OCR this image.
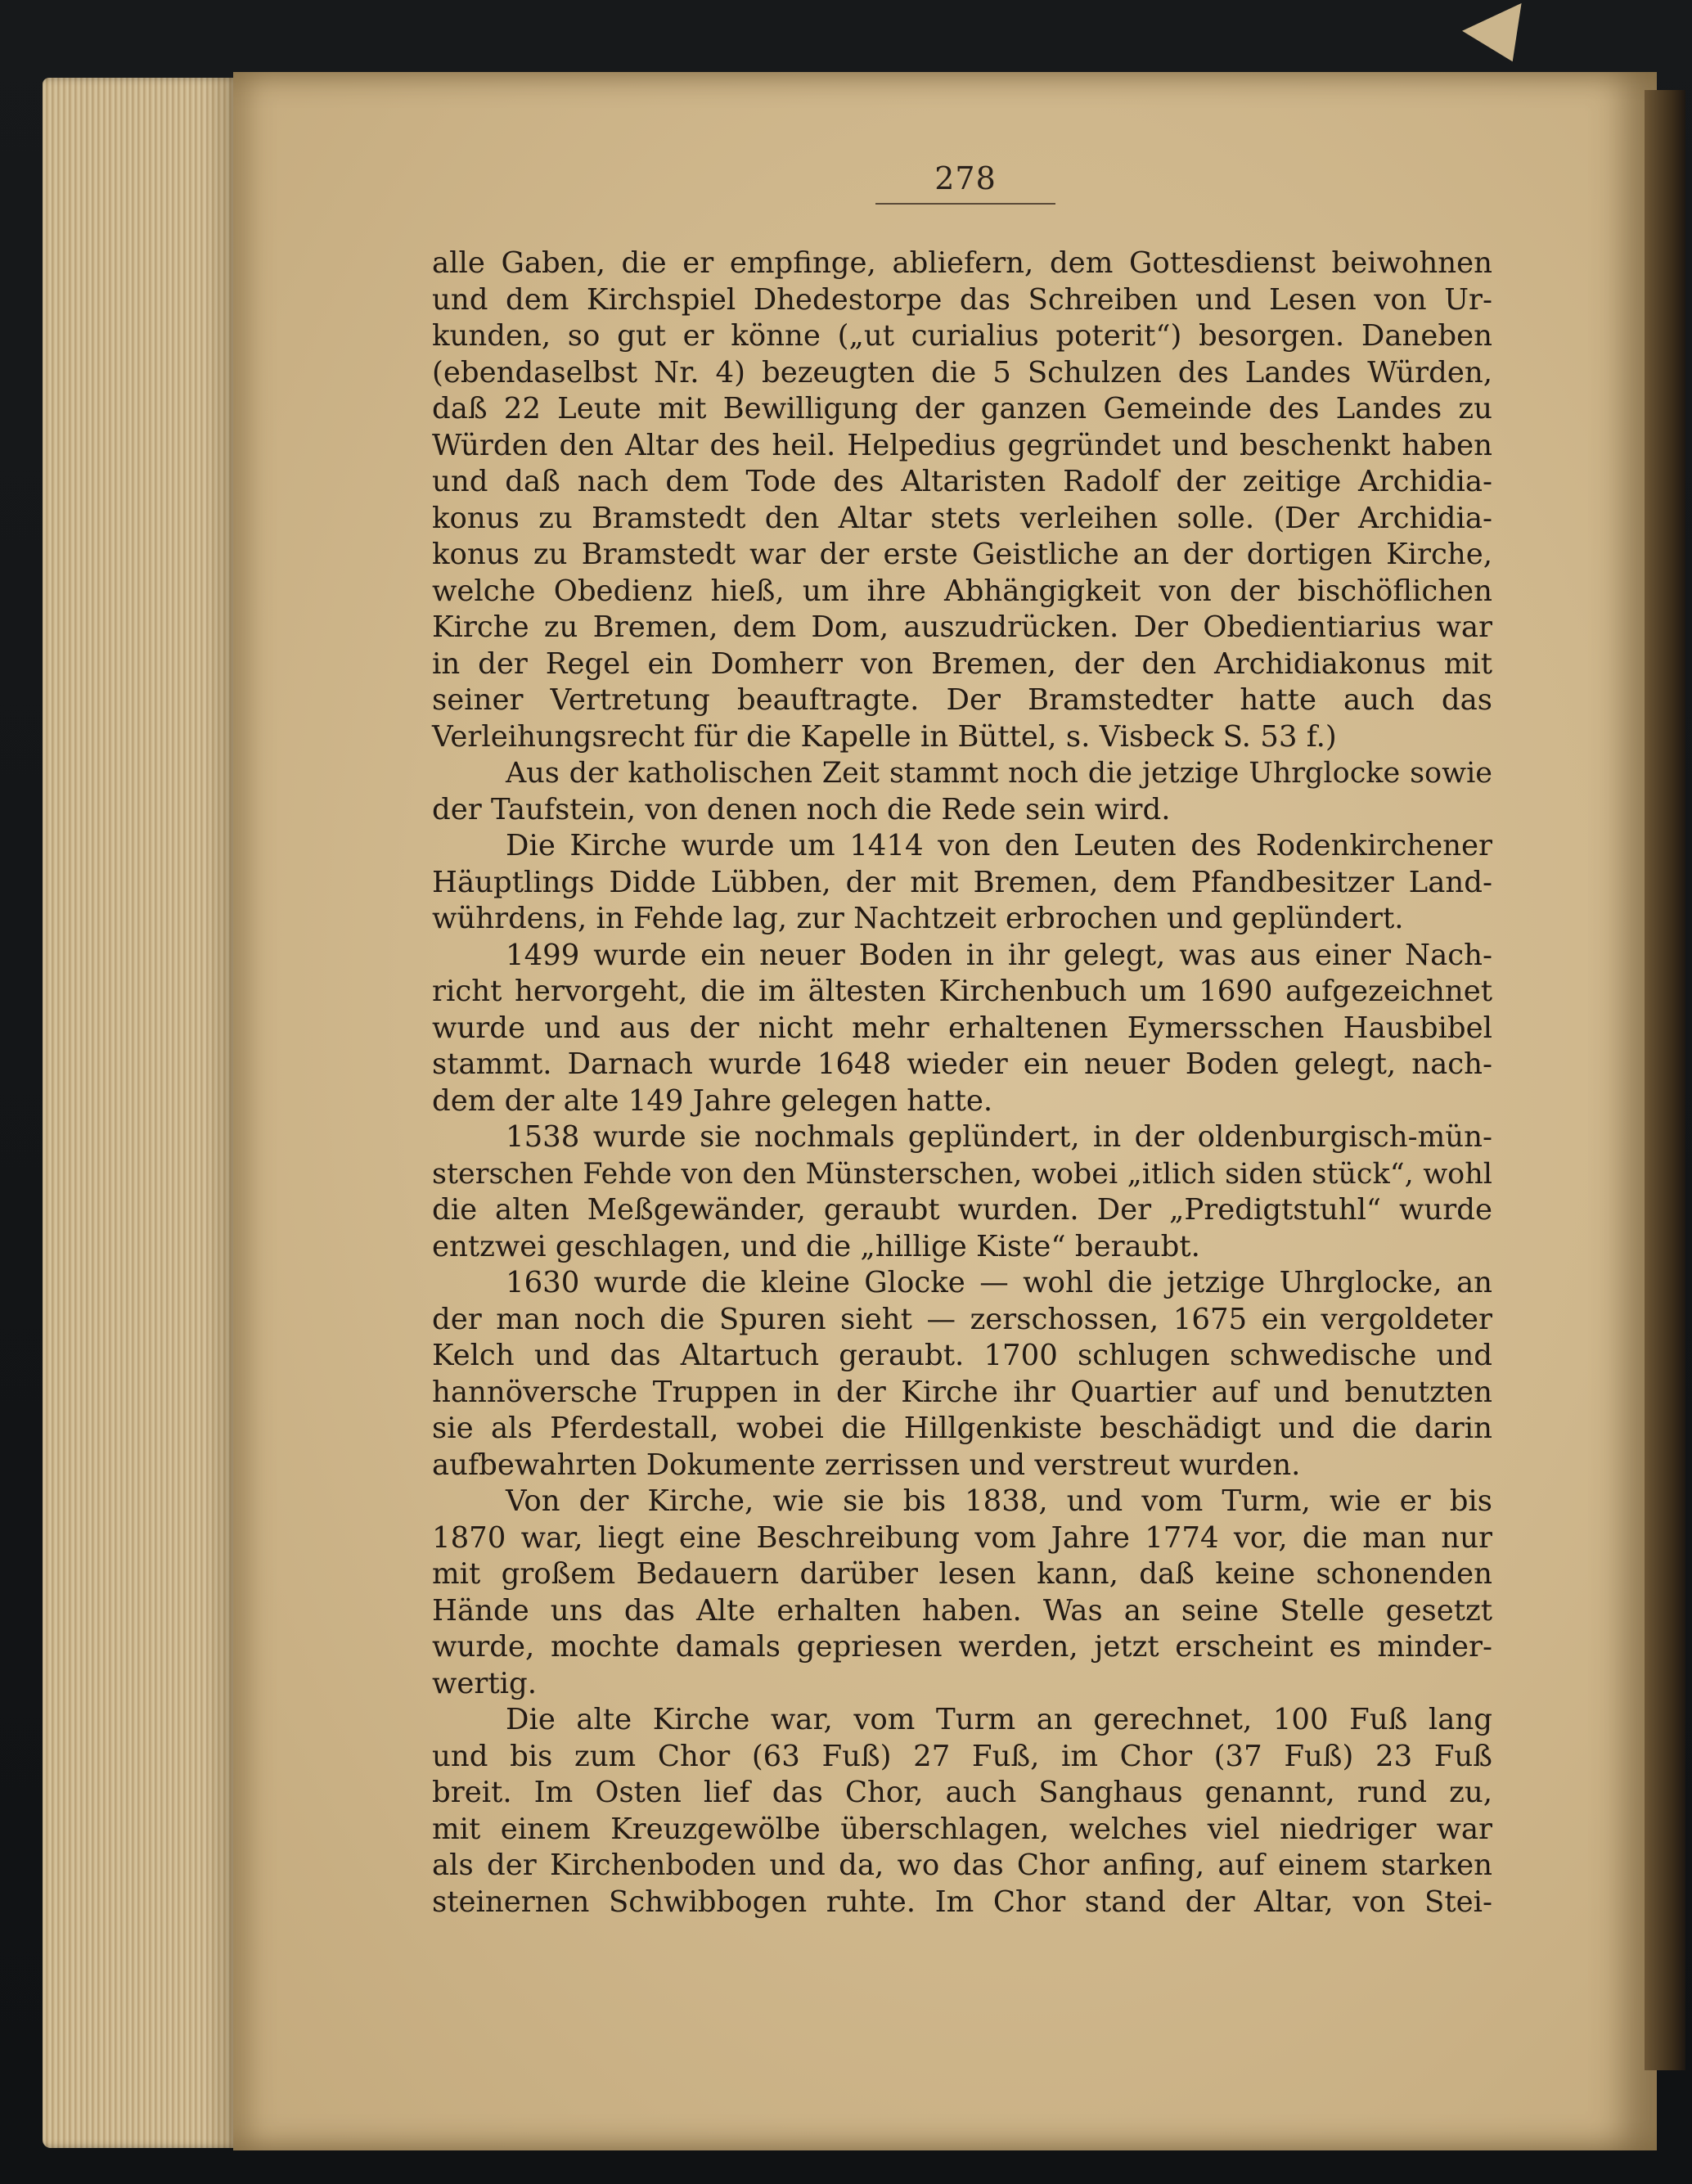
278
alle Gaben, die er empfinge, abliefern, dem Gottesdienst beiwohnen
und dem Kirchspiel Dhedestorpe das Schreiben und Lesen von Ur-
kunden, so gut er könne („ut curialius poterit“) besorgen. Daneben
(ebendaselbst Nr. 4) bezeugten die 5 Schulzen des Landes Würden,
daß 22 Leute mit Bewilligung der ganzen Gemeinde des Landes zu
Würden den Altar des heil. Helpedius gegründet und beschenkt haben
und daß nach dem Tode des Altaristen Radolf der zeitige Archidia-
konus zu Bramstedt den Altar stets verleihen solle. (Der Archidia-
konus zu Bramstedt war der erste Geistliche an der dortigen Kirche,
welche Obedienz hieß, um ihre Abhängigkeit von der bischöflichen
Kirche zu Bremen, dem Dom, auszudrücken. Der Obedientiarius war
in der Regel ein Domherr von Bremen, der den Archidiakonus mit
seiner Vertretung beauftragte. Der Bramstedter hatte auch das
Verleihungsrecht für die Kapelle in Büttel, s. Visbeck S. 53 f.)
Aus der katholischen Zeit stammt noch die jetzige Uhrglocke sowie
der Taufstein, von denen noch die Rede sein wird.
Die Kirche wurde um 1414 von den Leuten des Rodenkirchener
Häuptlings Didde Lübben, der mit Bremen, dem Pfandbesitzer Land-
wührdens, in Fehde lag, zur Nachtzeit erbrochen und geplündert.
1499 wurde ein neuer Boden in ihr gelegt, was aus einer Nach-
richt hervorgeht, die im ältesten Kirchenbuch um 1690 aufgezeichnet
wurde und aus der nicht mehr erhaltenen Eymersschen Hausbibel
stammt. Darnach wurde 1648 wieder ein neuer Boden gelegt, nach-
dem der alte 149 Jahre gelegen hatte.
1538 wurde sie nochmals geplündert, in der oldenburgisch-mün-
sterschen Fehde von den Münsterschen, wobei „itlich siden stück“, wohl
die alten Meßgewänder, geraubt wurden. Der „Predigtstuhl“ wurde
entzwei geschlagen, und die „hillige Kiste“ beraubt.
1630 wurde die kleine Glocke — wohl die jetzige Uhrglocke, an
der man noch die Spuren sieht — zerschossen, 1675 ein vergoldeter
Kelch und das Altartuch geraubt. 1700 schlugen schwedische und
hannöversche Truppen in der Kirche ihr Quartier auf und benutzten
sie als Pferdestall, wobei die Hillgenkiste beschädigt und die darin
aufbewahrten Dokumente zerrissen und verstreut wurden.
Von der Kirche, wie sie bis 1838, und vom Turm, wie er bis
1870 war, liegt eine Beschreibung vom Jahre 1774 vor, die man nur
mit großem Bedauern darüber lesen kann, daß keine schonenden
Hände uns das Alte erhalten haben. Was an seine Stelle gesetzt
wurde, mochte damals gepriesen werden, jetzt erscheint es minder-
wertig.
Die alte Kirche war, vom Turm an gerechnet, 100 Fuß lang
und bis zum Chor (63 Fuß) 27 Fuß, im Chor (37 Fuß) 23 Fuß
breit. Im Osten lief das Chor, auch Sanghaus genannt, rund zu,
mit einem Kreuzgewölbe überschlagen, welches viel niedriger war
als der Kirchenboden und da, wo das Chor anfing, auf einem starken
steinernen Schwibbogen ruhte. Im Chor stand der Altar, von Stei-
